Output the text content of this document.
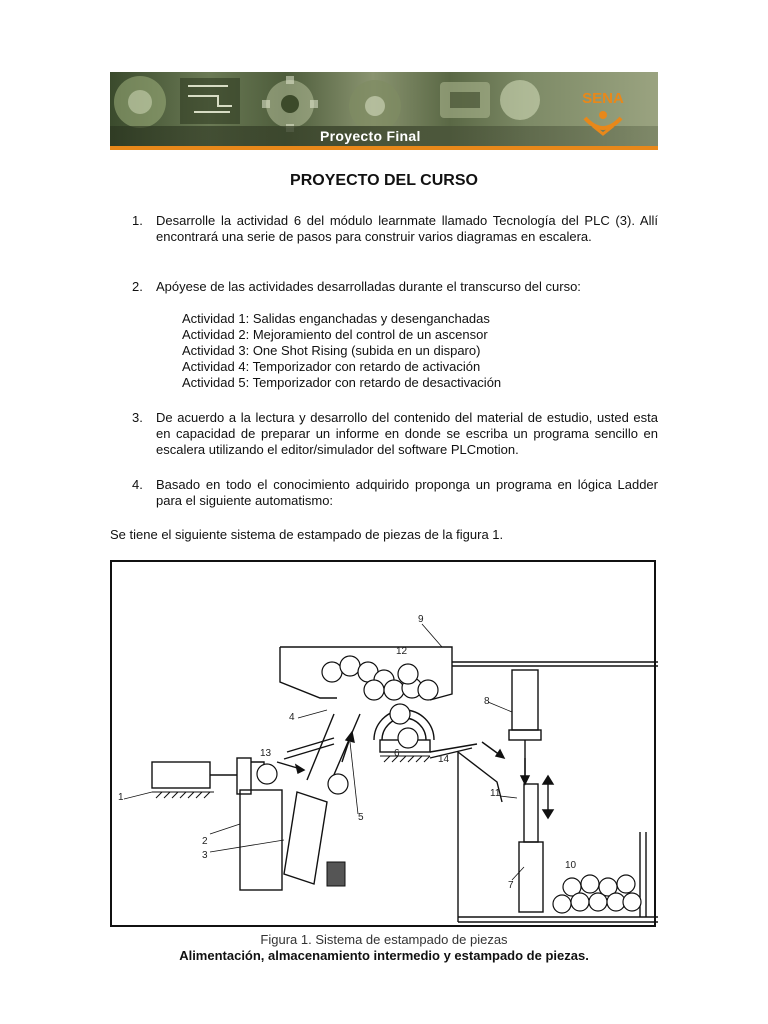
Proyecto Final
SENA
PROYECTO DEL CURSO
1.	Desarrolle la actividad 6 del módulo learnmate llamado Tecnología del PLC (3). Allí encontrará una serie de pasos para construir varios diagramas en escalera.
2.	Apóyese de las actividades desarrolladas durante el transcurso del curso:
Actividad 1: Salidas enganchadas y desenganchadas
Actividad 2: Mejoramiento del control de un ascensor
Actividad 3: One Shot Rising (subida en un disparo)
Actividad 4: Temporizador con retardo de activación
Actividad 5: Temporizador con retardo de desactivación
3.	De acuerdo a la lectura y desarrollo del contenido del material de estudio, usted esta en capacidad de preparar un informe en donde se escriba un programa sencillo en escalera utilizando el editor/simulador del software PLCmotion.
4.	Basado en todo el conocimiento adquirido proponga un programa en lógica Ladder para el siguiente automatismo:
Se tiene el siguiente sistema de estampado de piezas de la figura 1.
1
2
3
4
5
6
7
8
9
10
11
12
13
14
Figura 1. Sistema de estampado de piezas
Alimentación, almacenamiento intermedio y estampado de piezas.
